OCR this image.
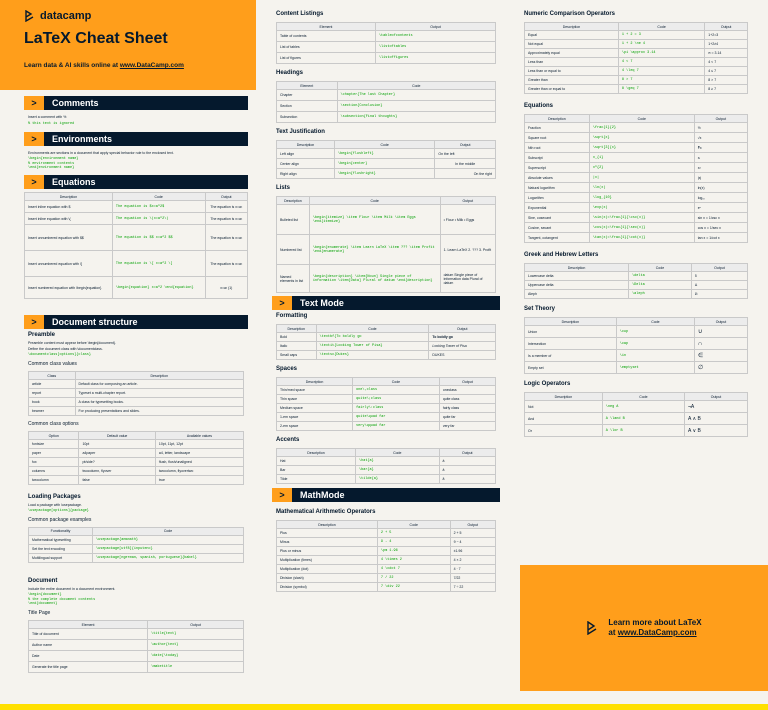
datacamp
LaTeX Cheat Sheet
Learn data & AI skills online at www.DataCamp.com
>	Comments
Insert a comment with %
% this text is ignored
>	Environments
Environments are sections in a document that apply special behavior rule to the enclosed text.
\begin{environment name}
% environment contents
\end{environment name}
>	Equations
Description	Code	Output
Insert inline equation with $	The equation is $x=a^2$	The equation is x=a²
Insert inline equation with \(	The equation is \(x=a^2\)	The equation is x=a²
Insert unnumbered equation with $$	The equation is $$ x=a^2 $$	The equation is x=a²
Insert unnumbered equation with \[	The equation is \[ x=a^2 \]	The equation is x=a²
Insert numbered equation with \begin{equation}	\begin{equation} x=a^2 \end{equation}	x=a² (1)
>	Document structure
Preamble
Preamble content must appear before \begin{document}.
Define the document class with \documentclass.
\documentclass[options]{class}
Common class values
Class	Description
article	Default class for composing an article.
report	Typeset a multi-chapter report.
book	A class for typesetting books.
beamer	For producing presentations and slides.
Common class options
Option	Default value	Available values
fontsize	10pt	10pt, 11pt, 12pt
paper	a4paper	a4, letter, landscape
fox	pt/side?	flush, flush/unaligned
columns	twocolumn, flyover	twocolumn, flyovertwo
twocolumn	false	true
Loading Packages
Load a package with \usepackage.
\usepackage[options]{package}
Common package examples
Functionality	Code
Mathematical typesetting	\usepackage{amsmath}
Set the text encoding	\usepackage[utf8]{inputenc}
Multilingual support	\usepackage[ngerman, spanish, portuguese]{babel}
Document
Include the entire document in a document environment.
\begin{document}
% the complete document contents
\end{document}
Title Page
Element	Output
Title of document	\title{text}
Author name	\author{text}
Date	\date{\today}
Generate the title page	\maketitle
Content Listings
Element	Output
Table of contents	\tableofcontents
List of tables	\listoftables
List of figures	\listoffigures
Headings
Element	Code
Chapter	\chapter{The last Chapter}
Section	\section{Conclusion}
Subsection	\subsection{Final thoughts}
Text Justification
Description	Code	Output
Left align	\begin{flushleft}	On the left
Center align	\begin{center}	In the middle
Right align	\begin{flushright}	On the right
Lists
Description	Code	Output
Bulleted list	\begin{itemize} \item Flour \item Milk \item Eggs \end{itemize}	• Flour • Milk • Eggs
Numbered list	\begin{enumerate} \item Learn LaTeX \item ??? \item Profit \end{enumerate}	1. Learn LaTeX 2. ??? 3. Profit
Named elements in list	\begin{description} \item[Noun] Single piece of information \item[Data] Plural of datum \end{description}	datum Single piece of information data Plural of datum
>	Text Mode
Formatting
Description	Code	Output
Bold	\textbf{To boldly go	To boldly go
Italic	\textit{Looking Tower of Pisa}	Looking Tower of Pisa
Small caps	\textsc{Dukes}	DUKES
Spaces
Description	Code	Output
Thin/med space	one\,class	oneclass
Thin space	quite\;class	quite class
Medium space	fairly\:class	fairly class
1-em space	quite\quad far	quite far
2-em space	very\qquad far	very far
Accents
Description	Code	Output
Hat	\hat{a}	â
Bar	\bar{a}	ā
Tilde	\tilde{a}	ã
>	MathMode
Mathematical Arithmetic Operators
Description	Code	Output
Plus	2 + 5	2 + 5
Minus	9 - 4	9 − 4
Plus or minus	\pm 1.96	±1.96
Multiplication (times)	4 \times 2	4 × 2
Multiplication (dot)	4 \cdot 7	4 · 7
Division (slash)	7 / 22	7/22
Division (symbol)	7 \div 22	7 ÷ 22
Numeric Comparison Operators
Description	Code	Output
Equal	1 + 2 = 3	1+2=3
Not equal	1 + 2 \ne 4	1+2≠4
Approximately equal	\pi \approx 3.14	π ≈ 3.14
Less than	4 < 7	4 < 7
Less than or equal to	4 \leq 7	4 ≤ 7
Greater than	8 > 7	8 > 7
Greater than or equal to	8 \geq 7	8 ≥ 7
Equations
Description	Code	Output
Fraction	\frac{1}{2}	½
Square root	\sqrt{x}	√x
Nth root	\sqrt[3]{x}	∛x
Subscript	x_{i}	xᵢ
Superscript	x^{2}	x²
Absolute values	|x|	|x|
Natural logarithm	\ln(x)	ln(x)
Logarithm	\log_{10}	log₁₀
Exponential	\exp(x)	eˣ
Sine, cosecant	\sin(x)=\frac{1}{\csc(x)}	sin x = 1/csc x
Cosine, secant	\cos(x)=\frac{1}{\sec(x)}	cos x = 1/sec x
Tangent, cotangent	\tan(x)=\frac{1}{\cot(x)}	tan x = 1/cot x
Greek and Hebrew Letters
Description	Code	Output
Lowercase delta	\delta	δ
Uppercase delta	\Delta	Δ
Aleph	\aleph	ℵ
Set Theory
Description	Code	Output
Union	\cup	∪
Intersection	\cap	∩
Is a member of	\in	∈
Empty set	\emptyset	∅
Logic Operators
Description	Code	Output
Not	\neg A	¬A
And	A \land B	A ∧ B
Or	A \lor B	A ∨ B
Learn more about LaTeX
at www.DataCamp.com
